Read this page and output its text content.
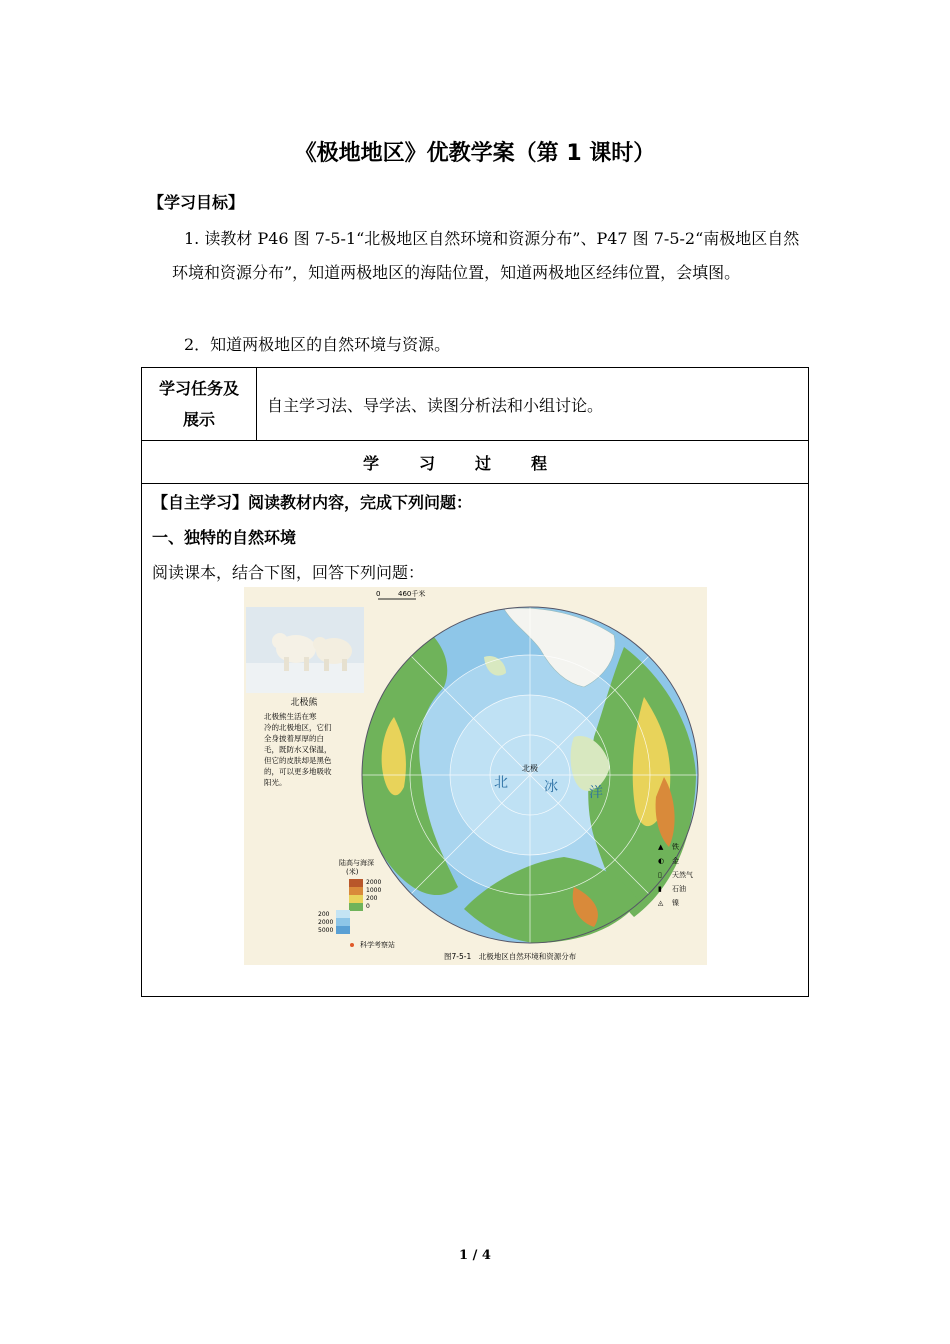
《极地地区》优教学案（第 1 课时）
【学习目标】
1. 读教材 P46 图 7-5-1“北极地区自然环境和资源分布”、P47 图 7-5-2“南极地区自然环境和资源分布”，知道两极地区的海陆位置，知道两极地区经纬位置，会填图。
2．知道两极地区的自然环境与资源。
学习任务及
展示
	自主学习法、导学法、读图分析法和小组讨论。
学习过程

【自主学习】阅读教材内容，完成下列问题：
一、独特的自然环境
阅读课本，结合下图，回答下列问题：
北极熊
北极熊生活在寒
冷的北极地区，它们
全身披着厚厚的白
毛，既防水又保温，
但它的皮肤却是黑色
的，可以更多地吸收
阳光。
北极
北	冰 洋
0	460千米
陆高与海深
(米)
2000
1000
200
0
200
2000
5000
科学考察站
▲ 铁
◐ 金
▯ 天然气
▮ 石油
◬ 镍
图7-5-1　北极地区自然环境和资源分布
1 / 4
